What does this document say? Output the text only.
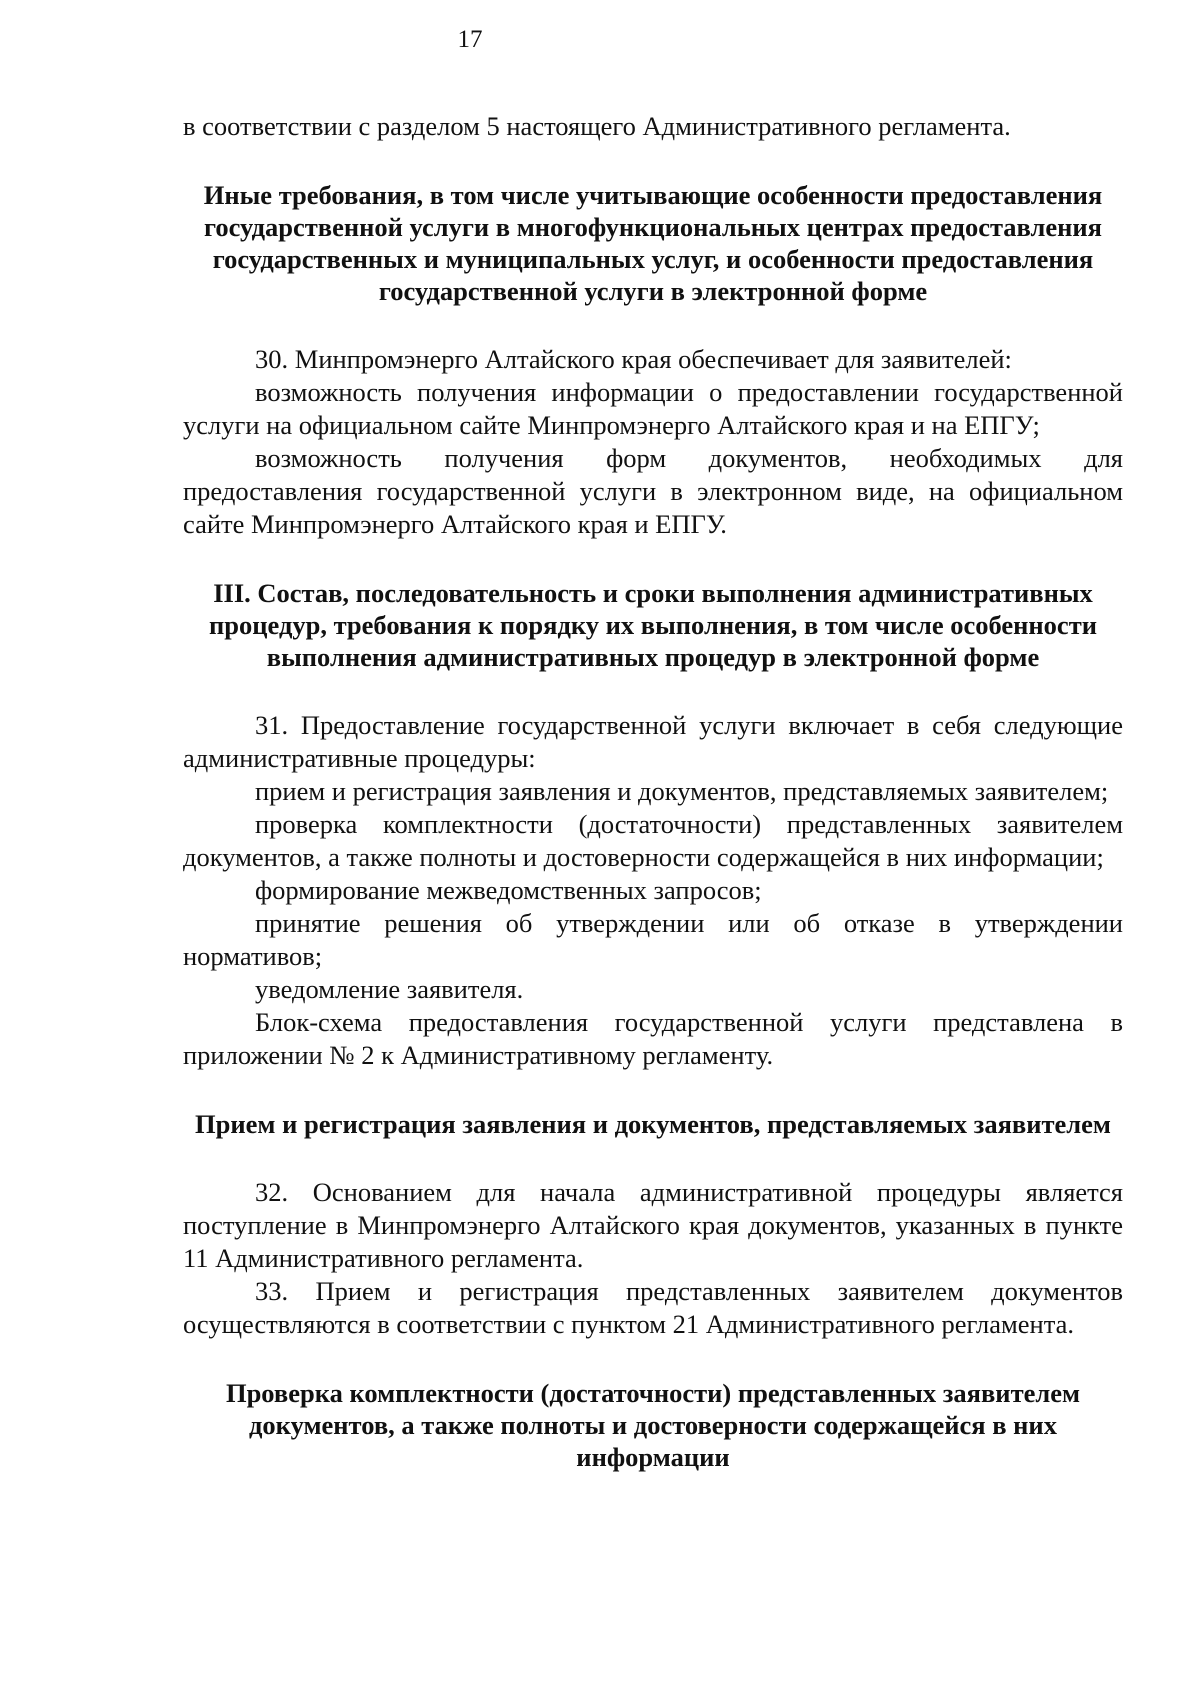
17

в соответствии с разделом 5 настоящего Административного регламента.

Иные требования, в том числе учитывающие особенности предоставления государственной услуги в многофункциональных центрах предоставления государственных и муниципальных услуг, и особенности предоставления государственной услуги в электронной форме

30. Минпромэнерго Алтайского края обеспечивает для заявителей:

возможность получения информации о предоставлении государственной услуги на официальном сайте Минпромэнерго Алтайского края и на ЕПГУ;

возможность получения форм документов, необходимых для предоставления государственной услуги в электронном виде, на официальном сайте Минпромэнерго Алтайского края и ЕПГУ.

III. Состав, последовательность и сроки выполнения административных процедур, требования к порядку их выполнения, в том числе особенности выполнения административных процедур в электронной форме

31. Предоставление государственной услуги включает в себя следующие административные процедуры:

прием и регистрация заявления и документов, представляемых заявителем;

проверка комплектности (достаточности) представленных заявителем документов, а также полноты и достоверности содержащейся в них информации;

формирование межведомственных запросов;

принятие решения об утверждении или об отказе в утверждении нормативов;

уведомление заявителя.

Блок-схема предоставления государственной услуги представлена в приложении № 2 к Административному регламенту.

Прием и регистрация заявления и документов, представляемых заявителем

32. Основанием для начала административной процедуры является поступление в Минпромэнерго Алтайского края документов, указанных в пункте 11 Административного регламента.

33. Прием и регистрация представленных заявителем документов осуществляются в соответствии с пунктом 21 Административного регламента.

Проверка комплектности (достаточности) представленных заявителем документов, а также полноты и достоверности содержащейся в них информации
